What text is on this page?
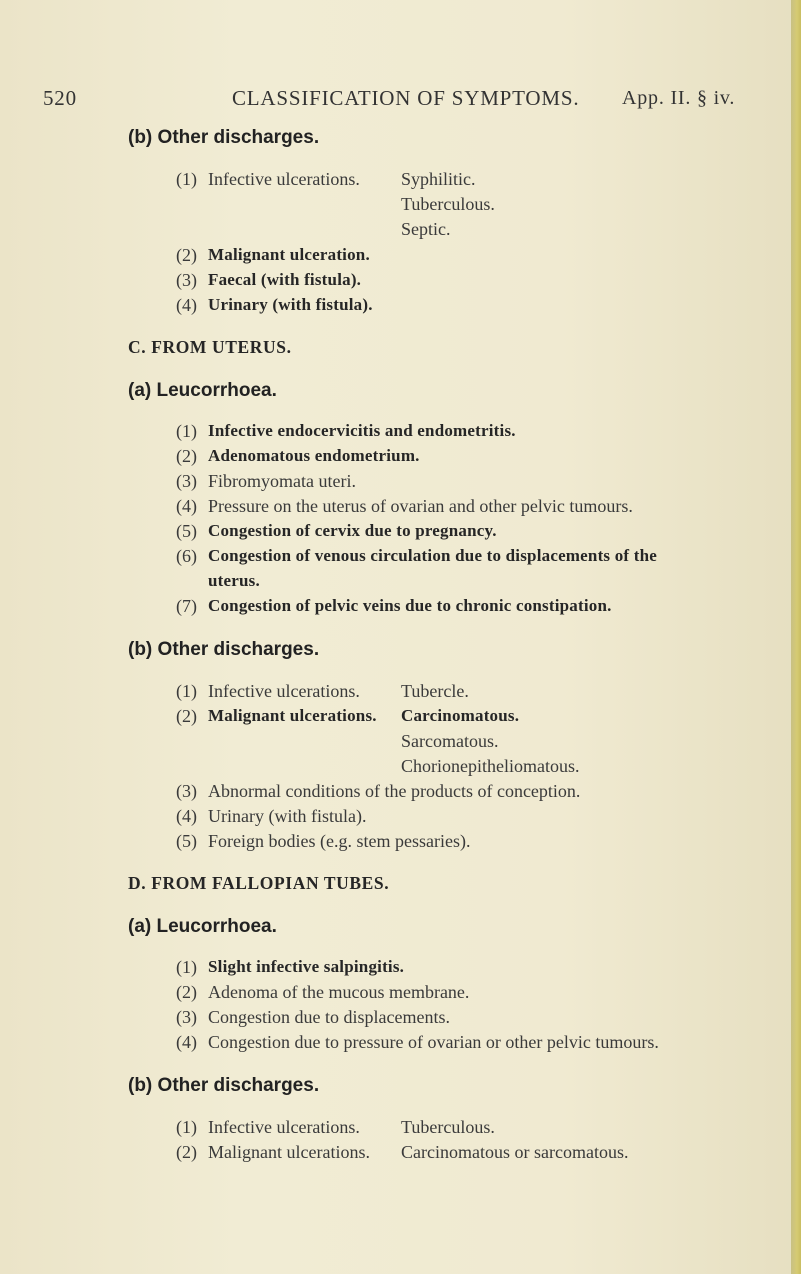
520	CLASSIFICATION OF SYMPTOMS. App. II. § iv.
(b) Other discharges.
(1) Infective ulcerations. Syphilitic.
Tuberculous.
Septic.
(2) Malignant ulceration.
(3) Faecal (with fistula).
(4) Urinary (with fistula).
C. FROM UTERUS.
(a) Leucorrhoea.
(1) Infective endocervicitis and endometritis.
(2) Adenomatous endometrium.
(3) Fibromyomata uteri.
(4) Pressure on the uterus of ovarian and other pelvic tumours.
(5) Congestion of cervix due to pregnancy.
(6) Congestion of venous circulation due to displacements of the
uterus.
(7) Congestion of pelvic veins due to chronic constipation.
(b) Other discharges.
(1) Infective ulcerations. Tubercle.
(2) Malignant ulcerations. Carcinomatous.
Sarcomatous.
Chorionepitheliomatous.
(3) Abnormal conditions of the products of conception.
(4) Urinary (with fistula).
(5) Foreign bodies (e.g. stem pessaries).
D. FROM FALLOPIAN TUBES.
(a) Leucorrhoea.
(1) Slight infective salpingitis.
(2) Adenoma of the mucous membrane.
(3) Congestion due to displacements.
(4) Congestion due to pressure of ovarian or other pelvic tumours.
(b) Other discharges.
(1) Infective ulcerations. Tuberculous.
(2) Malignant ulcerations. Carcinomatous or sarcomatous.
